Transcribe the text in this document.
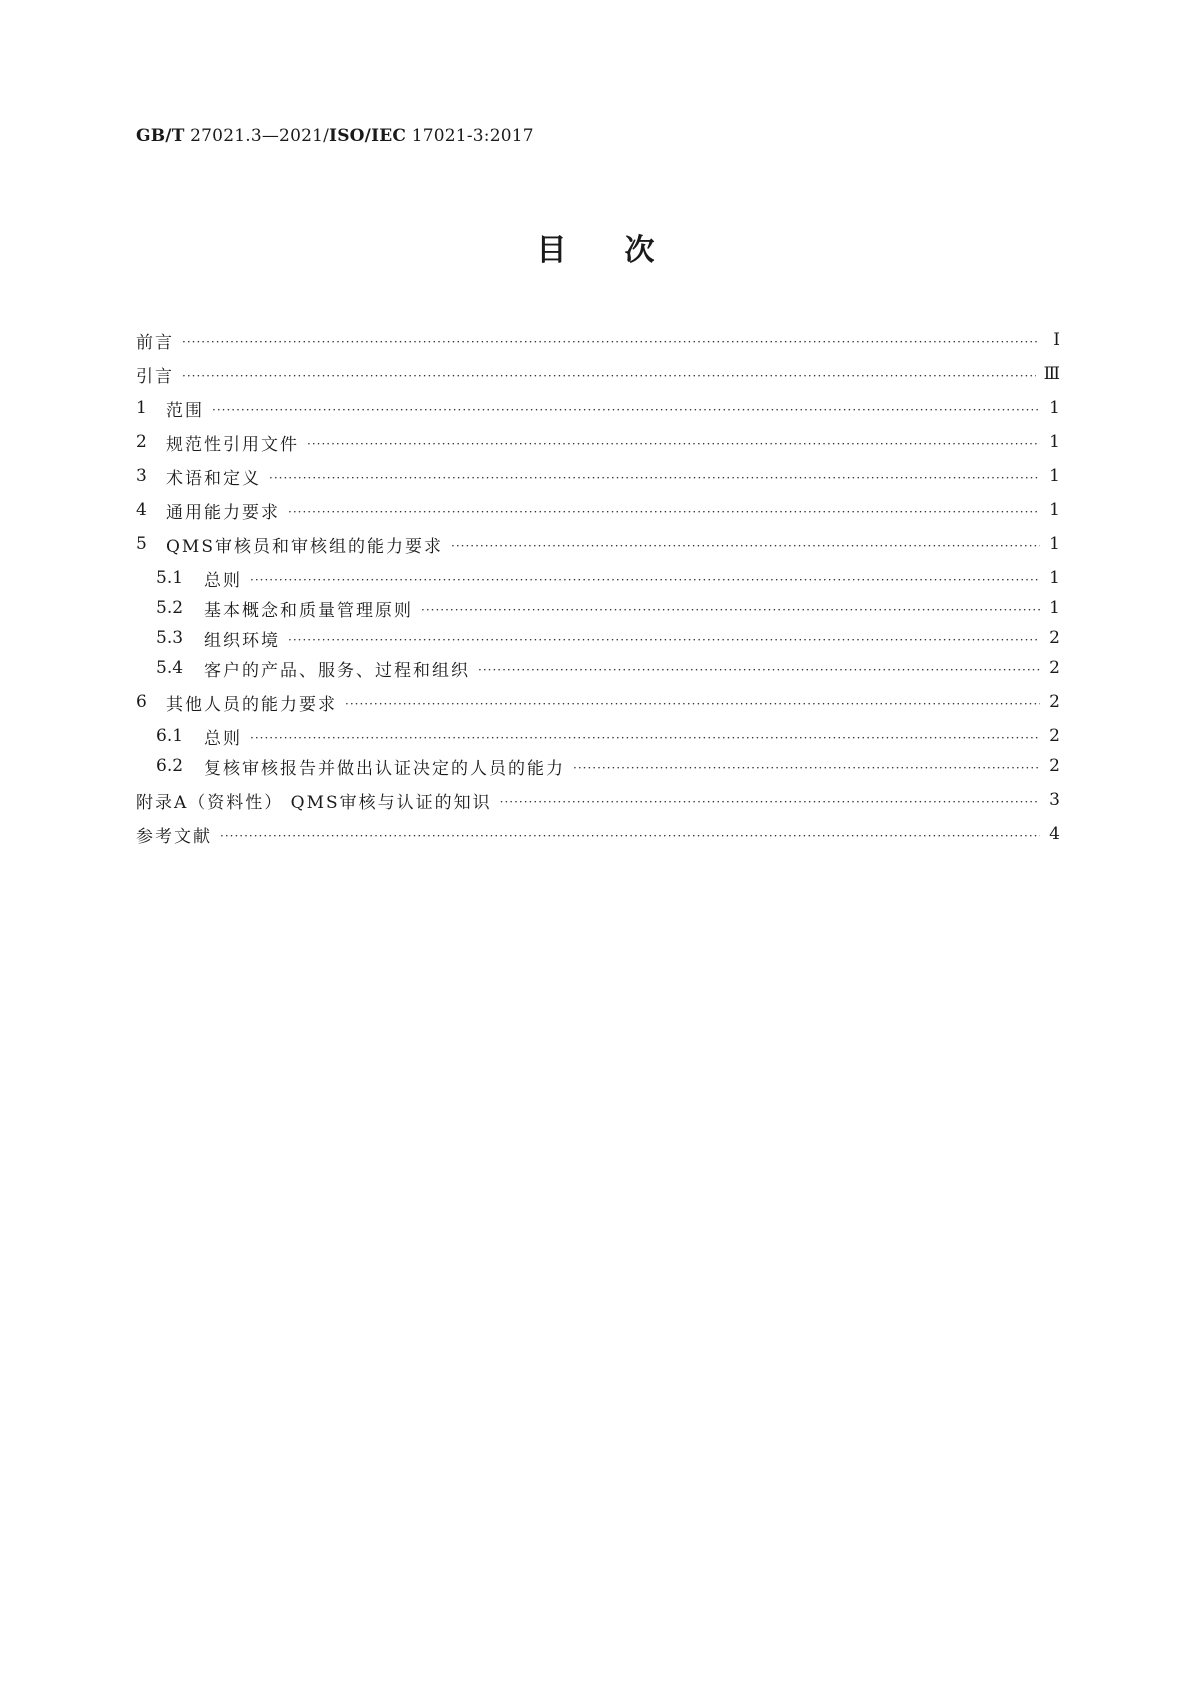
GB/T 27021.3—2021/ISO/IEC 17021-3:2017
目次
前言 ·····	Ⅰ
引言 ·····	Ⅲ
1	范围 ·····	1
2	规范性引用文件 ·····	1
3	术语和定义 ·····	1
4	通用能力要求 ·····	1
5	QMS审核员和审核组的能力要求 ·····	1
5.1	总则 ·····	1
5.2	基本概念和质量管理原则 ·····	1
5.3	组织环境 ·····	2
5.4	客户的产品、服务、过程和组织 ·····	2
6	其他人员的能力要求 ·····	2
6.1	总则 ·····	2
6.2	复核审核报告并做出认证决定的人员的能力 ·····	2
附录A（资料性） QMS审核与认证的知识 ·····	3
参考文献 ·····	4
